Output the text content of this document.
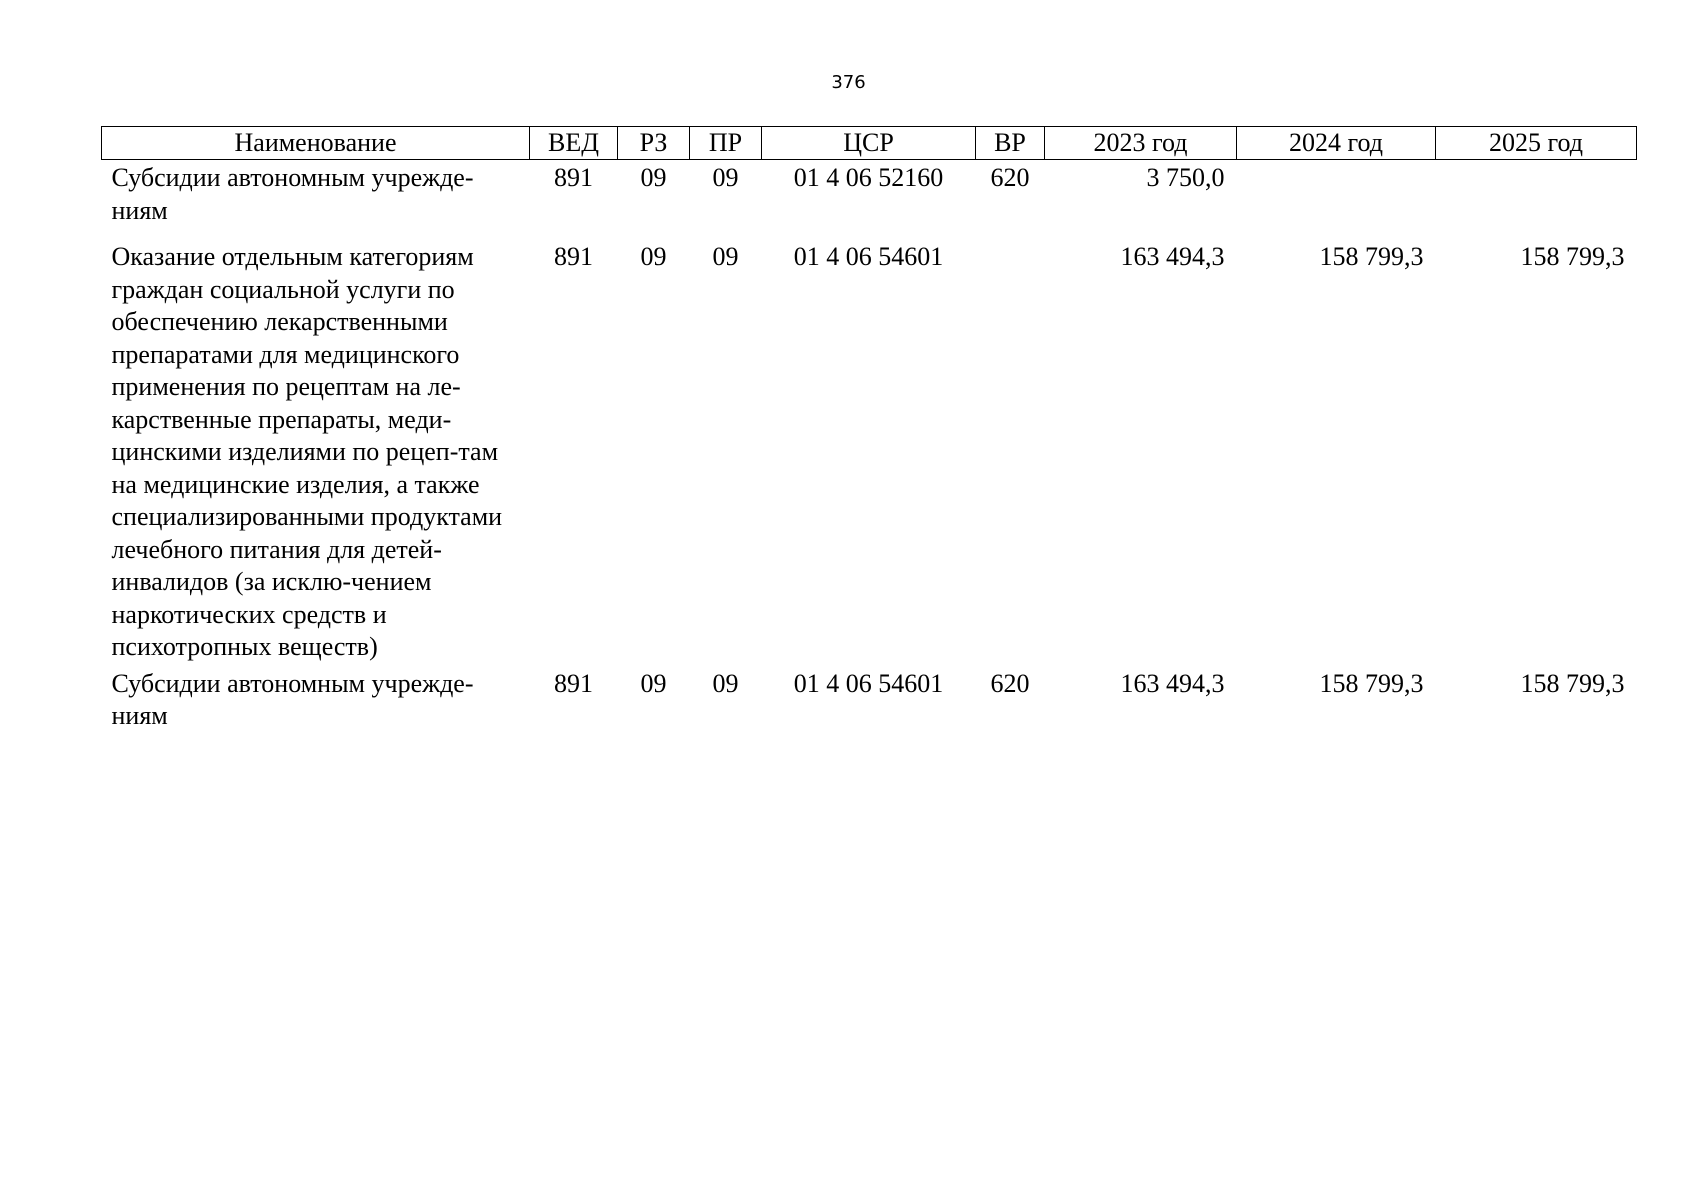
376
Наименование	ВЕД	РЗ	ПР	ЦСР	ВР	2023 год	2024 год	2025 год
Субсидии автономным учрежде-ниям	891	09	09	01 4 06 52160	620	3 750,0		
Оказание отдельным категориям граждан социальной услуги по обеспечению лекарственными препаратами для медицинского применения по рецептам на ле-карственные препараты, меди-цинскими изделиями по рецеп-там на медицинские изделия, а также специализированными продуктами лечебного питания для детей-инвалидов (за исклю-чением наркотических средств и психотропных веществ)	891	09	09	01 4 06 54601		163 494,3	158 799,3	158 799,3
Субсидии автономным учрежде-ниям	891	09	09	01 4 06 54601	620	163 494,3	158 799,3	158 799,3
